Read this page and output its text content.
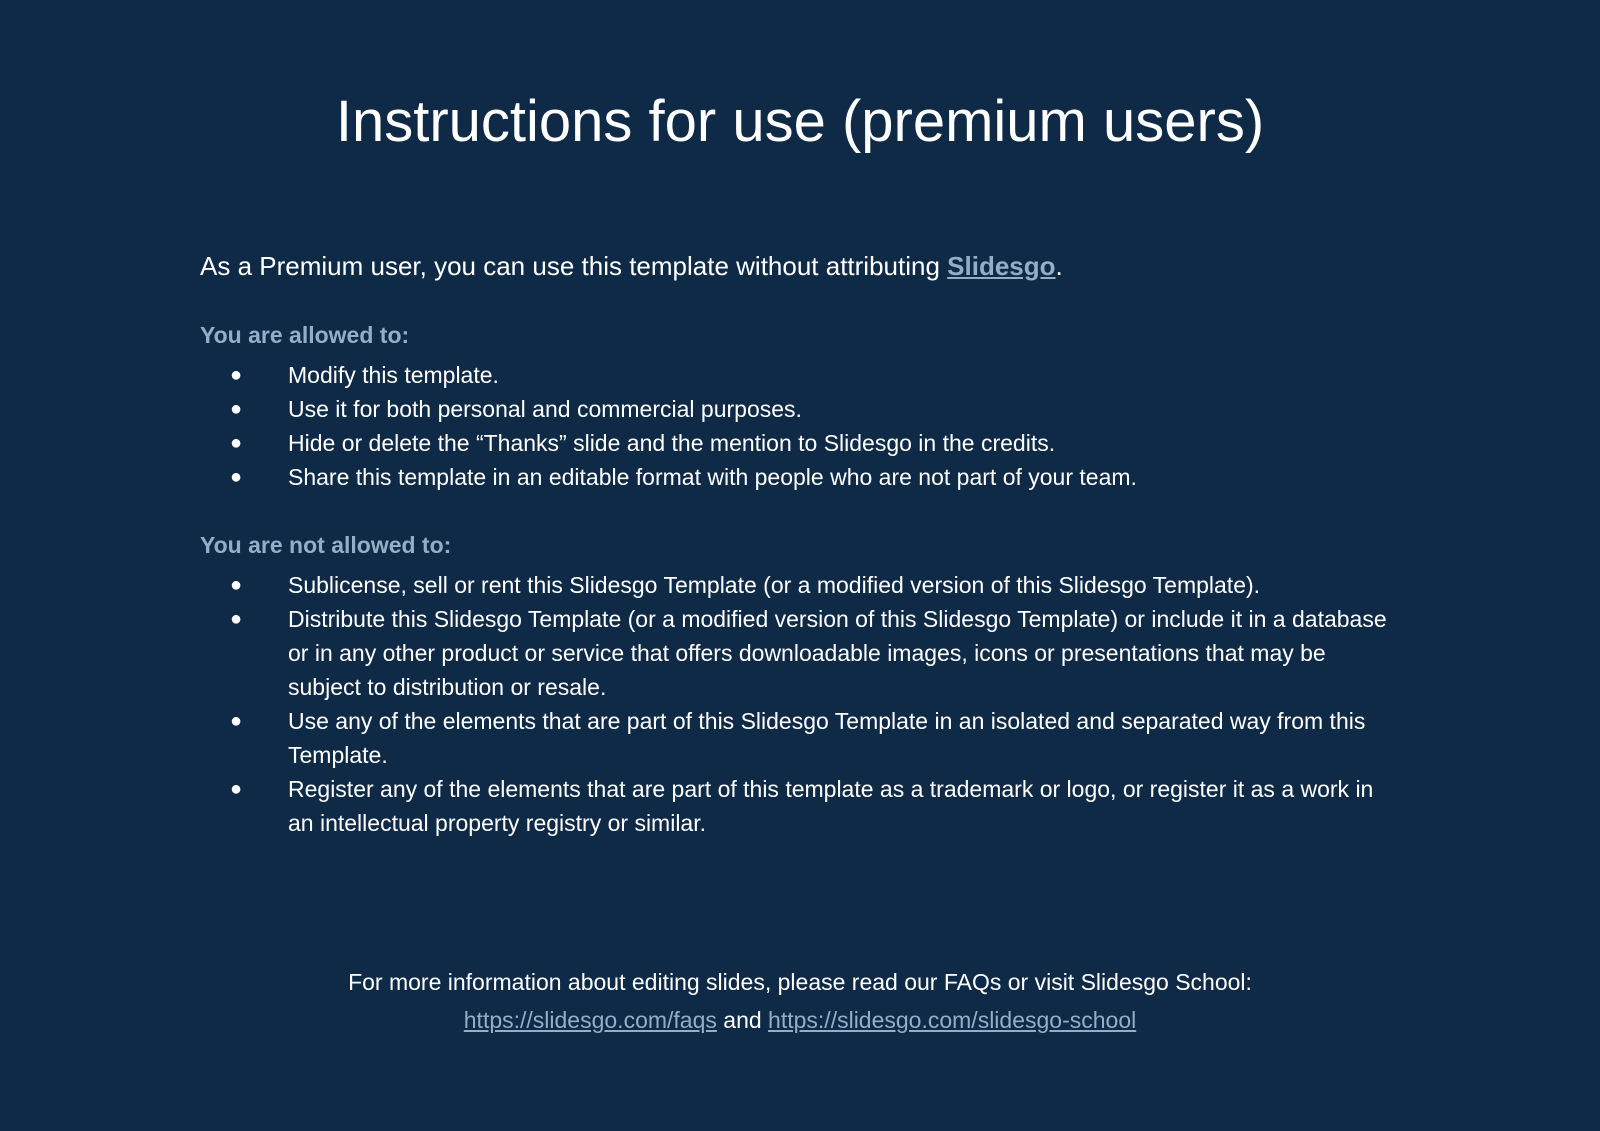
Instructions for use (premium users)

As a Premium user, you can use this template without attributing Slidesgo.

You are allowed to:

● Modify this template.
● Use it for both personal and commercial purposes.
● Hide or delete the “Thanks” slide and the mention to Slidesgo in the credits.
● Share this template in an editable format with people who are not part of your team.

You are not allowed to:

● Sublicense, sell or rent this Slidesgo Template (or a modified version of this Slidesgo Template).
● Distribute this Slidesgo Template (or a modified version of this Slidesgo Template) or include it in a database or in any other product or service that offers downloadable images, icons or presentations that may be subject to distribution or resale.
● Use any of the elements that are part of this Slidesgo Template in an isolated and separated way from this Template.
● Register any of the elements that are part of this template as a trademark or logo, or register it as a work in an intellectual property registry or similar.

For more information about editing slides, please read our FAQs or visit Slidesgo School:

https://slidesgo.com/faqs and https://slidesgo.com/slidesgo-school
